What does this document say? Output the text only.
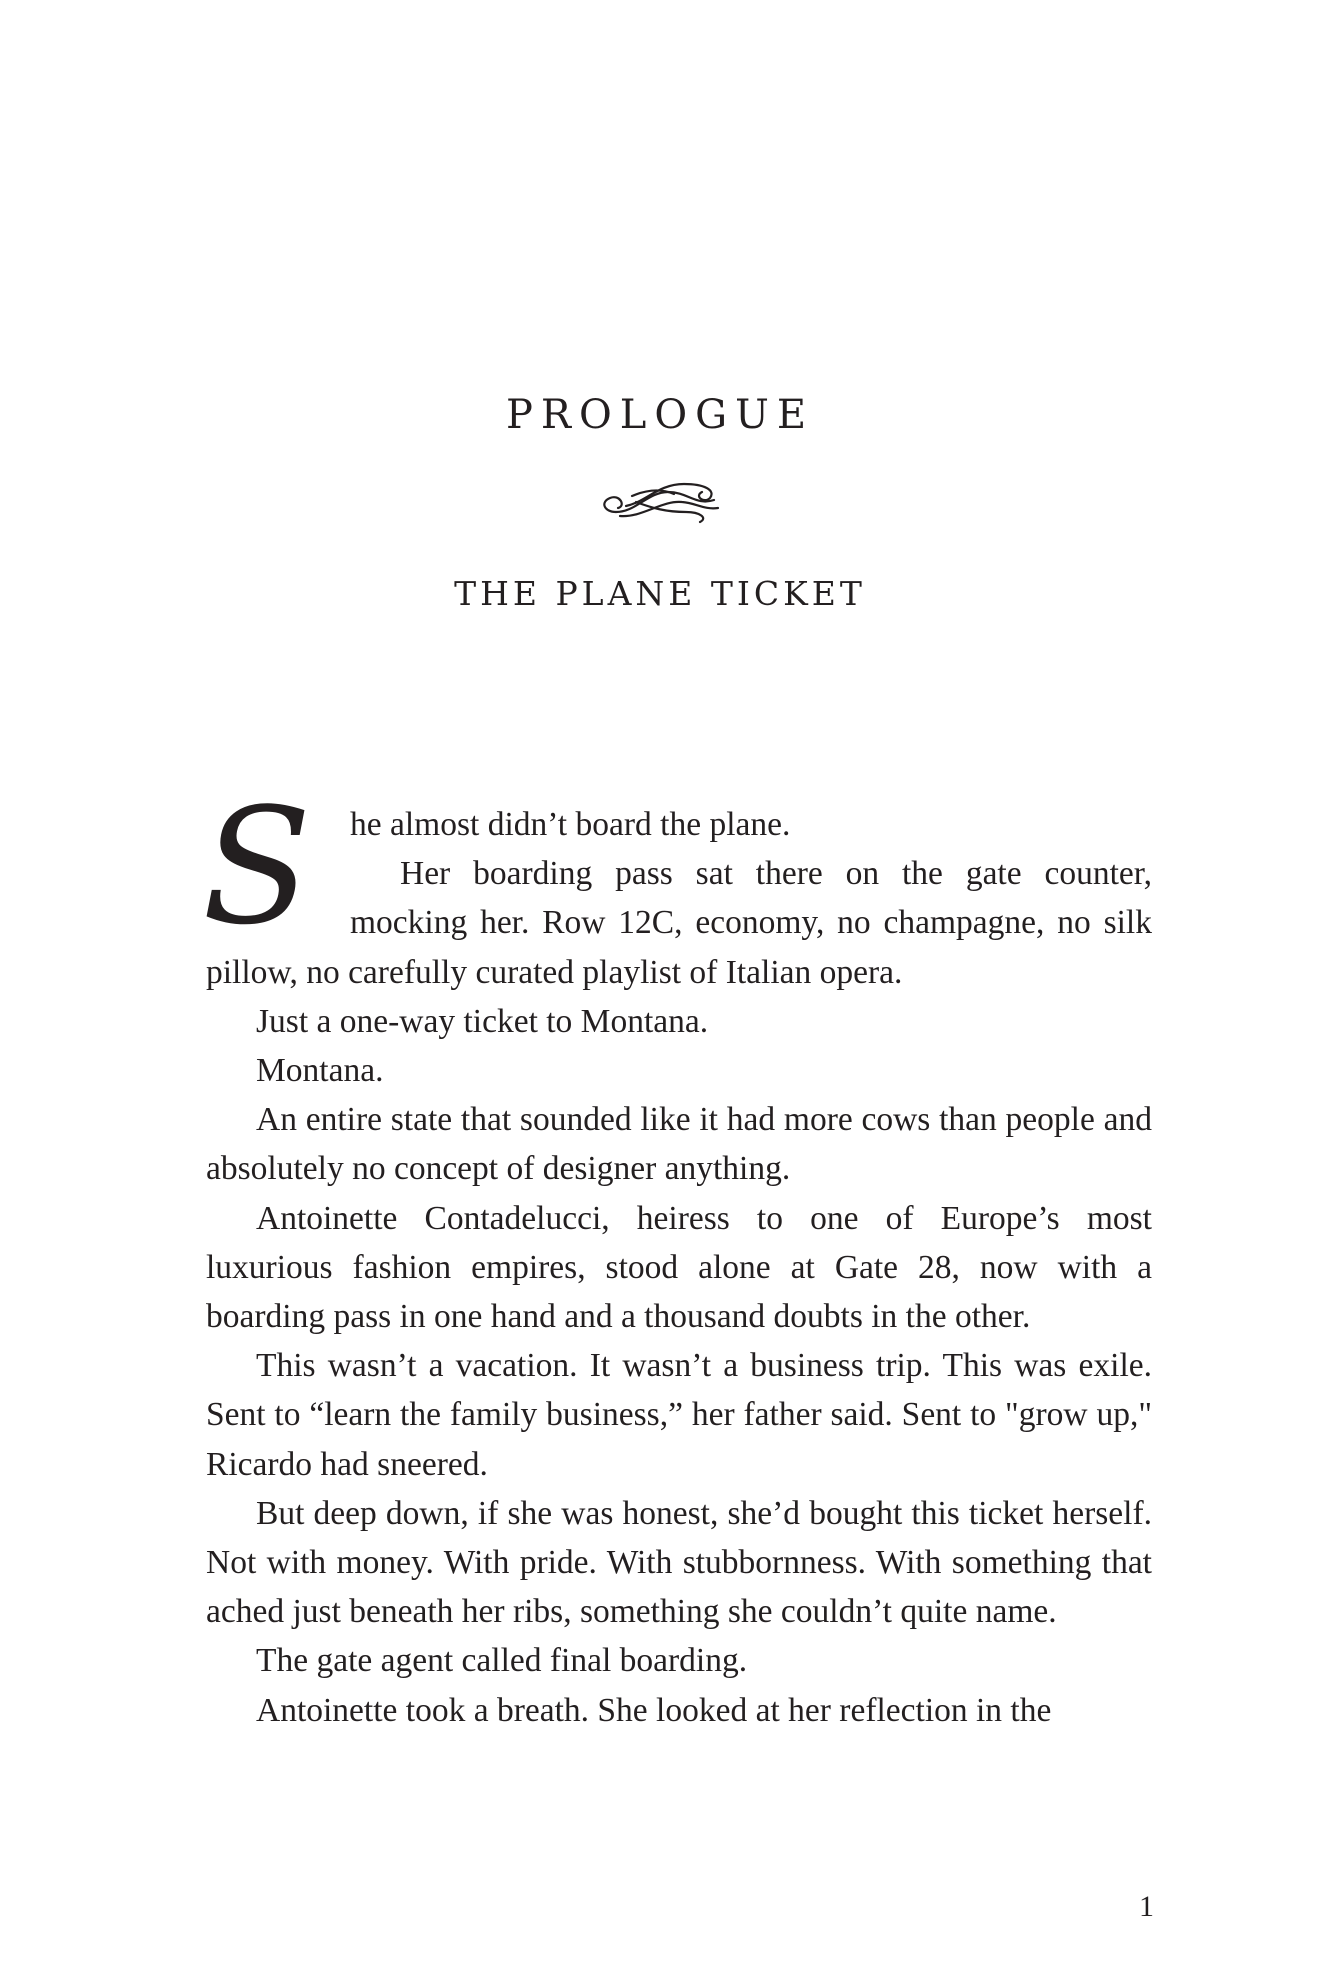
PROLOGUE
THE PLANE TICKET
S	he almost didn’t board the plane.

Her boarding pass sat there on the gate counter, mocking her. Row 12C, economy, no champagne, no silk pillow, no carefully curated playlist of Italian opera.

Just a one-way ticket to Montana.

Montana.

An entire state that sounded like it had more cows than people and absolutely no concept of designer anything.

Antoinette Contadelucci, heiress to one of Europe’s most luxurious fashion empires, stood alone at Gate 28, now with a boarding pass in one hand and a thousand doubts in the other.

This wasn’t a vacation. It wasn’t a business trip. This was exile. Sent to “learn the family business,” her father said. Sent to "grow up," Ricardo had sneered.

But deep down, if she was honest, she’d bought this ticket herself. Not with money. With pride. With stubbornness. With something that ached just beneath her ribs, something she couldn’t quite name.

The gate agent called final boarding.

Antoinette took a breath. She looked at her reflection in the

1
